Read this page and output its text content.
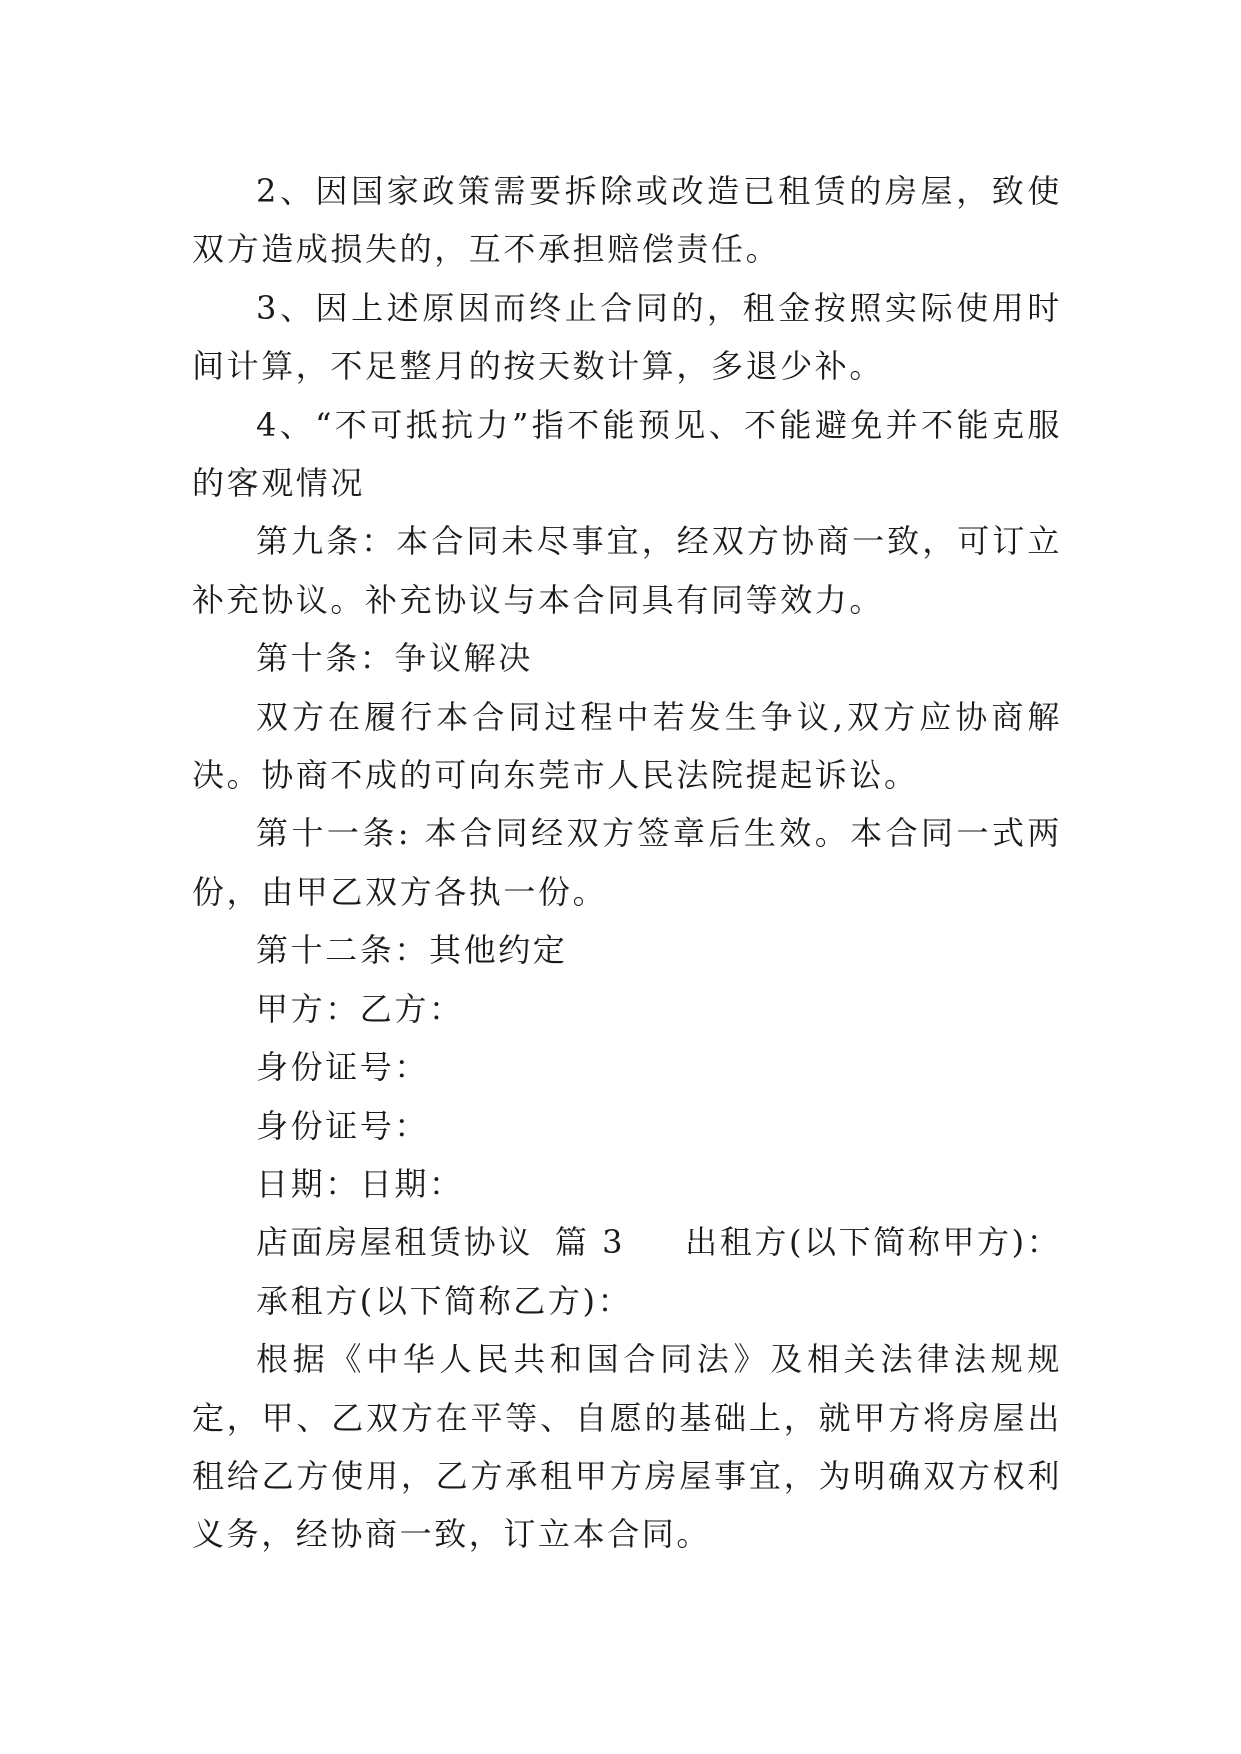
2、因国家政策需要拆除或改造已租赁的房屋，致使双方造成损失的，互不承担赔偿责任。

3、因上述原因而终止合同的，租金按照实际使用时间计算，不足整月的按天数计算，多退少补。

4、“不可抵抗力”指不能预见、不能避免并不能克服的客观情况

第九条：本合同未尽事宜，经双方协商一致，可订立补充协议。补充协议与本合同具有同等效力。

第十条：争议解决

双方在履行本合同过程中若发生争议,双方应协商解决。协商不成的可向东莞市人民法院提起诉讼。

第十一条: 本合同经双方签章后生效。本合同一式两份，由甲乙双方各执一份。

第十二条：其他约定

甲方：乙方：

身份证号：

身份证号：

日期：日期：

店面房屋租赁协议 篇 3 出租方(以下简称甲方)：

承租方(以下简称乙方)：

根据《中华人民共和国合同法》及相关法律法规规定，甲、乙双方在平等、自愿的基础上，就甲方将房屋出租给乙方使用，乙方承租甲方房屋事宜，为明确双方权利义务，经协商一致，订立本合同。
